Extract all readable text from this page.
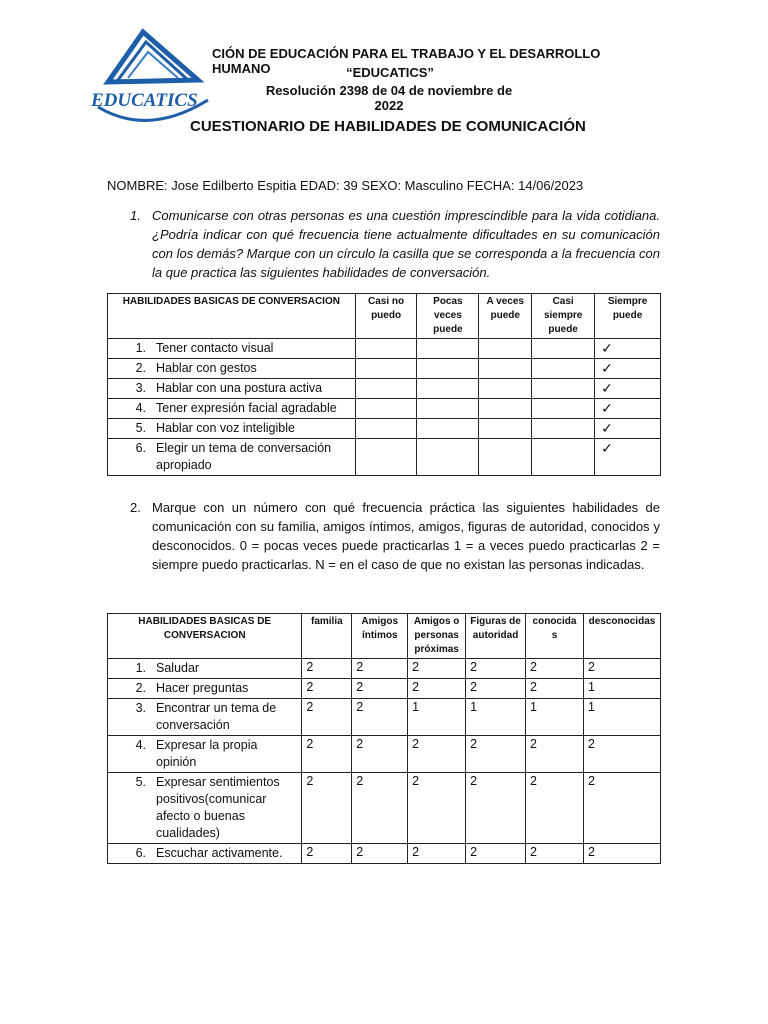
EDUCATICS
CIÓN DE EDUCACIÓN PARA EL TRABAJO Y EL DESARROLLO HUMANO	“EDUCATICS”
Resolución 2398 de 04 de noviembre de 2022
CUESTIONARIO DE HABILIDADES DE COMUNICACIÓN
NOMBRE: Jose Edilberto Espitia EDAD: 39 SEXO: Masculino FECHA: 14/06/2023
1. Comunicarse con otras personas es una cuestión imprescindible para la vida cotidiana. ¿Podría indicar con qué frecuencia tiene actualmente dificultades en su comunicación con los demás? Marque con un círculo la casilla que se corresponda a la frecuencia con la que practica las siguientes habilidades de conversación.
HABILIDADES BASICAS DE CONVERSACION	Casi no puedo	Pocas veces puede	A veces puede	Casi siempre puede	Siempre puede
1. Tener contacto visual					✓
2. Hablar con gestos					✓
3. Hablar con una postura activa					✓
4. Tener expresión facial agradable					✓
5. Hablar con voz inteligible					✓
6. Elegir un tema de conversación apropiado					✓
2. Marque con un número con qué frecuencia práctica las siguientes habilidades de comunicación con su familia, amigos íntimos, amigos, figuras de autoridad, conocidos y desconocidos. 0 = pocas veces puede practicarlas 1 = a veces puedo practicarlas 2 = siempre puedo practicarlas. N = en el caso de que no existan las personas indicadas.
HABILIDADES BASICAS DE CONVERSACION	familia	Amigos íntimos	Amigos o personas próximas	Figuras de autoridad	conocida s	desconocidas
1. Saludar	2	2	2	2	2	2
2. Hacer preguntas	2	2	2	2	2	1
3. Encontrar un tema de conversación	2	2	1	1	1	1
4. Expresar la propia opinión	2	2	2	2	2	2
5. Expresar sentimientos positivos(comunicar afecto o buenas cualidades)	2	2	2	2	2	2
6. Escuchar activamente.	2	2	2	2	2	2
